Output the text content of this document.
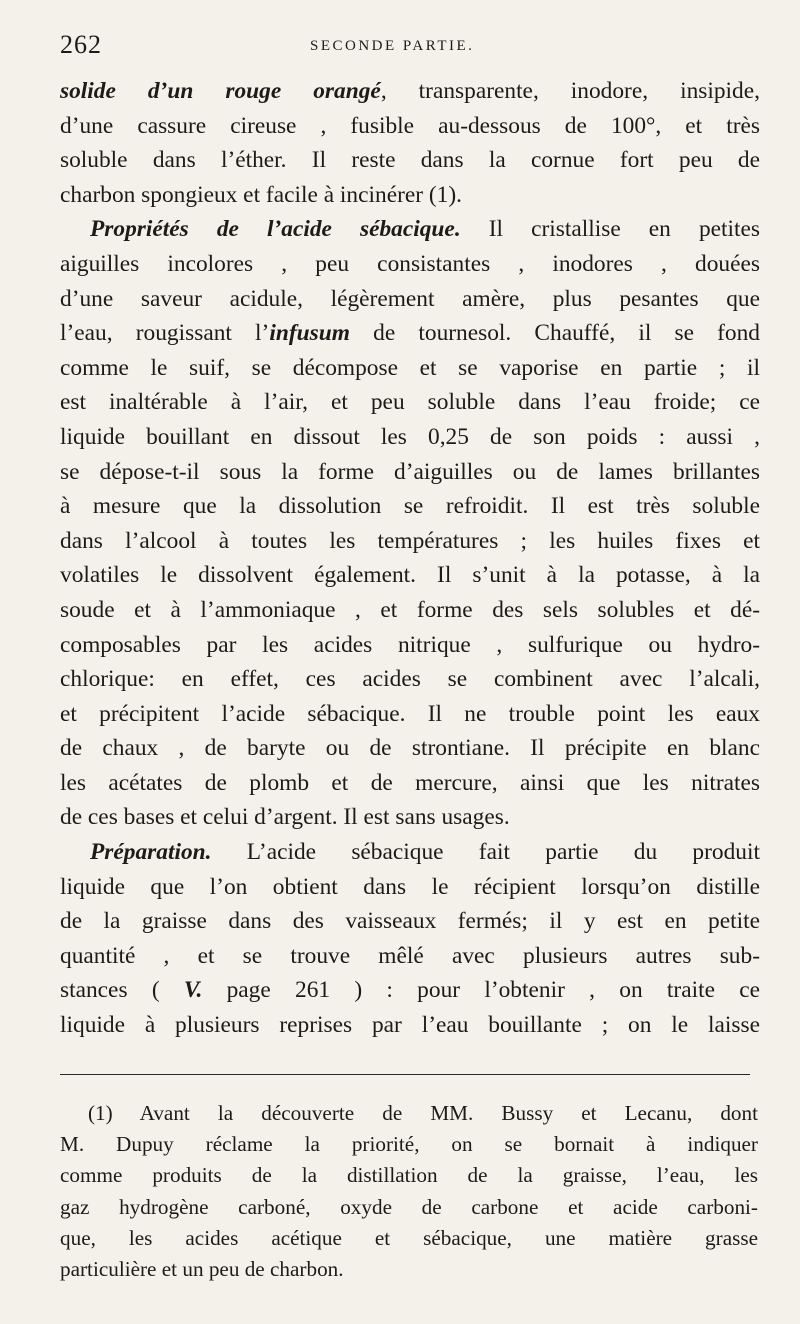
262	SECONDE PARTIE.
solide d’un rouge orangé, transparente, inodore, insipide,
d’une cassure cireuse , fusible au-dessous de 100°, et très
soluble dans l’éther. Il reste dans la cornue fort peu de
charbon spongieux et facile à incinérer (1).
Propriétés de l’acide sébacique. Il cristallise en petites
aiguilles incolores , peu consistantes , inodores , douées
d’une saveur acidule, légèrement amère, plus pesantes que
l’eau, rougissant l’infusum de tournesol. Chauffé, il se fond
comme le suif, se décompose et se vaporise en partie ; il
est inaltérable à l’air, et peu soluble dans l’eau froide; ce
liquide bouillant en dissout les 0,25 de son poids : aussi ,
se dépose-t-il sous la forme d’aiguilles ou de lames brillantes
à mesure que la dissolution se refroidit. Il est très soluble
dans l’alcool à toutes les températures ; les huiles fixes et
volatiles le dissolvent également. Il s’unit à la potasse, à la
soude et à l’ammoniaque , et forme des sels solubles et dé-
composables par les acides nitrique , sulfurique ou hydro-
chlorique: en effet, ces acides se combinent avec l’alcali,
et précipitent l’acide sébacique. Il ne trouble point les eaux
de chaux , de baryte ou de strontiane. Il précipite en blanc
les acétates de plomb et de mercure, ainsi que les nitrates
de ces bases et celui d’argent. Il est sans usages.
Préparation. L’acide sébacique fait partie du produit
liquide que l’on obtient dans le récipient lorsqu’on distille
de la graisse dans des vaisseaux fermés; il y est en petite
quantité , et se trouve mêlé avec plusieurs autres sub-
stances ( V. page 261 ) : pour l’obtenir , on traite ce
liquide à plusieurs reprises par l’eau bouillante ; on le laisse
(1) Avant la découverte de MM. Bussy et Lecanu, dont
M. Dupuy réclame la priorité, on se bornait à indiquer
comme produits de la distillation de la graisse, l’eau, les
gaz hydrogène carboné, oxyde de carbone et acide carboni-
que, les acides acétique et sébacique, une matière grasse
particulière et un peu de charbon.
